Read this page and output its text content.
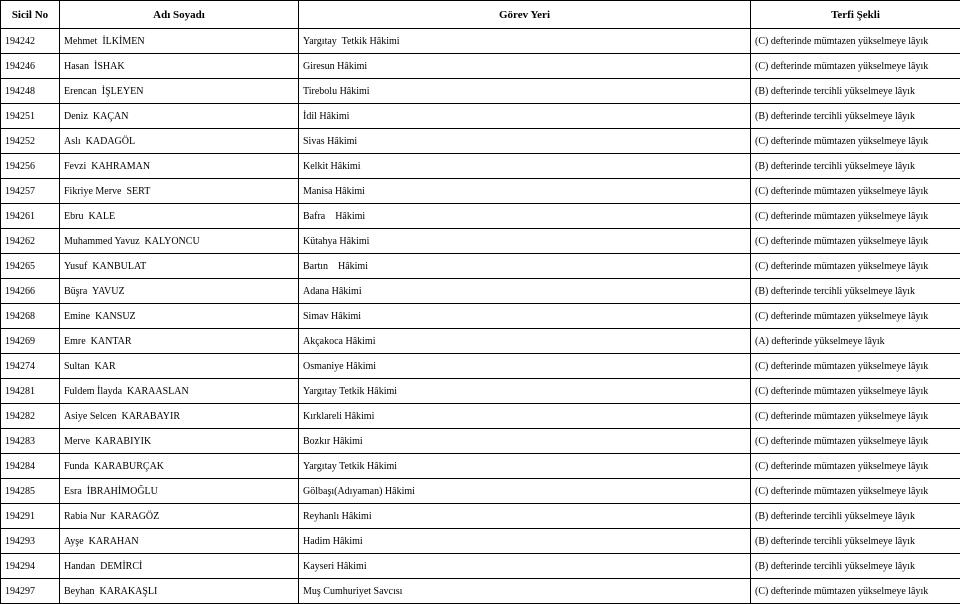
Sicil No	Adı Soyadı	Görev Yeri	Terfi Şekli
194242	Mehmet  İLKİMEN	Yargıtay  Tetkik Hâkimi	(C) defterinde mümtazen yükselmeye lâyık
194246	Hasan  İSHAK	Giresun Hâkimi	(C) defterinde mümtazen yükselmeye lâyık
194248	Erencan  İŞLEYEN	Tirebolu Hâkimi	(B) defterinde tercihli yükselmeye lâyık
194251	Deniz  KAÇAN	İdil Hâkimi	(B) defterinde tercihli yükselmeye lâyık
194252	Aslı  KADAGÖL	Sivas Hâkimi	(C) defterinde mümtazen yükselmeye lâyık
194256	Fevzi  KAHRAMAN	Kelkit Hâkimi	(B) defterinde tercihli yükselmeye lâyık
194257	Fikriye Merve  SERT	Manisa Hâkimi	(C) defterinde mümtazen yükselmeye lâyık
194261	Ebru  KALE	Bafra    Hâkimi	(C) defterinde mümtazen yükselmeye lâyık
194262	Muhammed Yavuz  KALYONCU	Kütahya Hâkimi	(C) defterinde mümtazen yükselmeye lâyık
194265	Yusuf  KANBULAT	Bartın    Hâkimi	(C) defterinde mümtazen yükselmeye lâyık
194266	Büşra  YAVUZ	Adana Hâkimi	(B) defterinde tercihli yükselmeye lâyık
194268	Emine  KANSUZ	Simav Hâkimi	(C) defterinde mümtazen yükselmeye lâyık
194269	Emre  KANTAR	Akçakoca Hâkimi	(A) defterinde yükselmeye lâyık
194274	Sultan  KAR	Osmaniye Hâkimi	(C) defterinde mümtazen yükselmeye lâyık
194281	Fuldem İlayda  KARAASLAN	Yargıtay Tetkik Hâkimi	(C) defterinde mümtazen yükselmeye lâyık
194282	Asiye Selcen  KARABAYIR	Kırklareli Hâkimi	(C) defterinde mümtazen yükselmeye lâyık
194283	Merve  KARABIYIK	Bozkır Hâkimi	(C) defterinde mümtazen yükselmeye lâyık
194284	Funda  KARABURÇAK	Yargıtay Tetkik Hâkimi	(C) defterinde mümtazen yükselmeye lâyık
194285	Esra  İBRAHİMOĞLU	Gölbaşı(Adıyaman) Hâkimi	(C) defterinde mümtazen yükselmeye lâyık
194291	Rabia Nur  KARAGÖZ	Reyhanlı Hâkimi	(B) defterinde tercihli yükselmeye lâyık
194293	Ayşe  KARAHAN	Hadim Hâkimi	(B) defterinde tercihli yükselmeye lâyık
194294	Handan  DEMİRCİ	Kayseri Hâkimi	(B) defterinde tercihli yükselmeye lâyık
194297	Beyhan  KARAKAŞLI	Muş Cumhuriyet Savcısı	(C) defterinde mümtazen yükselmeye lâyık
